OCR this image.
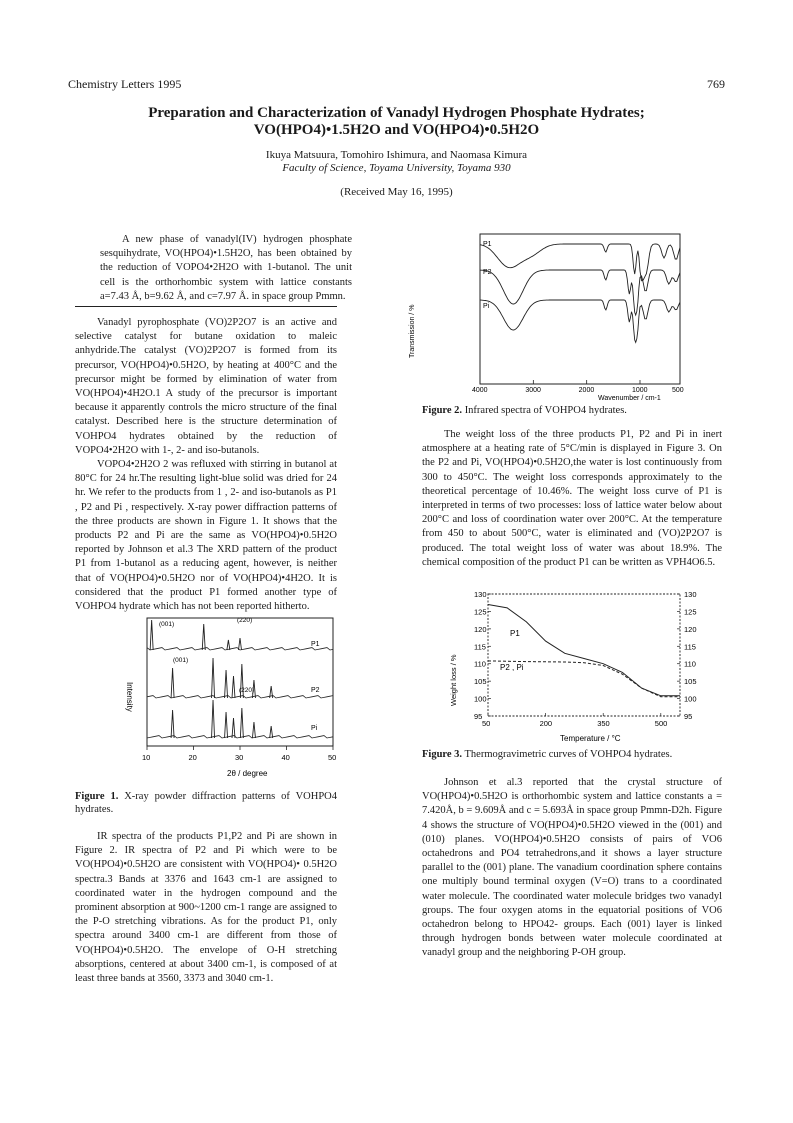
Chemistry Letters 1995	769
Preparation and Characterization of Vanadyl Hydrogen Phosphate Hydrates;
VO(HPO4)•1.5H2O and VO(HPO4)•0.5H2O
Ikuya Matsuura, Tomohiro Ishimura, and Naomasa Kimura
Faculty of Science, Toyama University, Toyama 930
(Received May 16, 1995)

A new phase of vanadyl(IV) hydrogen phosphate sesquihydrate, VO(HPO4)•1.5H2O, has been obtained by the reduction of VOPO4•2H2O with 1-butanol. The unit cell is the orthorhombic system with lattice constants a=7.43 Å, b=9.62 Å, and c=7.97 Å. in space group Pmmn.

Vanadyl pyrophosphate (VO)2P2O7 is an active and selective catalyst for butane oxidation to maleic anhydride.The catalyst (VO)2P2O7 is formed from its precursor, VO(HPO4)•0.5H2O, by heating at 400°C and the precursor might be formed by elimination of water from VO(HPO4)•4H2O.1 A study of the precursor is important because it apparently controls the micro structure of the final catalyst. Described here is the structure determination of VOHPO4 hydrates obtained by the reduction of VOPO4•2H2O with 1-, 2- and iso-butanols.

VOPO4•2H2O 2 was refluxed with stirring in butanol at 80°C for 24 hr.The resulting light-blue solid was dried for 24 hr. We refer to the products from 1 , 2- and iso-butanols as P1 , P2 and Pi , respectively. X-ray power diffraction patterns of the three products are shown in Figure 1. It shows that the products P2 and Pi are the same as VO(HPO4)•0.5H2O reported by Johnson et al.3 The XRD pattern of the product P1 from 1-butanol as a reducing agent, however, is neither that of VO(HPO4)•0.5H2O nor of VO(HPO4)•4H2O. It is considered that the product P1 formed another type of VOHPO4 hydrate which has not been reported hitherto.

10	20	30	40	50
Intensity
2θ / degree
(001)
(220)
(001)
(220)
P1
P2
Pi
Figure 1. X-ray powder diffraction patterns of VOHPO4 hydrates.

IR spectra of the products P1,P2 and Pi are shown in Figure 2. IR spectra of P2 and Pi which were to be VO(HPO4)•0.5H2O are consistent with VO(HPO4)• 0.5H2O spectra.3 Bands at 3376 and 1643 cm-1 are assigned to coordinated water in the hydrogen compound and the prominent absorption at 900~1200 cm-1 range are assigned to the P-O stretching vibrations. As for the product P1, only spectra around 3400 cm-1 are different from those of VO(HPO4)•0.5H2O. The envelope of O-H stretching absorptions, centered at about 3400 cm-1, is composed of at least three bands at 3560, 3373 and 3040 cm-1.

4000	3000	2000	1000	500
Transmission / %
Wavenumber / cm-1
P1
P2
Pi
Figure 2. Infrared spectra of VOHPO4 hydrates.

The weight loss of the three products P1, P2 and Pi in inert atmosphere at a heating rate of 5°C/min is displayed in Figure 3. On the P2 and Pi, VO(HPO4)•0.5H2O,the water is lost continuously from 300 to 450°C. The weight loss corresponds approximately to the theoretical percentage of 10.46%. The weight loss curve of P1 is interpreted in terms of two processes: loss of lattice water below about 200°C and loss of coordination water over 200°C. At the temperature from 450 to about 500°C, water is eliminated and (VO)2P2O7 is produced. The total weight loss of water was about 18.9%. The chemical composition of the product P1 can be written as VPH4O6.5.

95	95
100	100
105	105
110	110
115	115
120	120
125	125
130	130
50	200	350	500
Weight loss / %
Temperature / °C
P1
P2 , Pi
Figure 3. Thermogravimetric curves of VOHPO4 hydrates.

Johnson et al.3 reported that the crystal structure of VO(HPO4)•0.5H2O is orthorhombic system and lattice constants a = 7.420Å, b = 9.609Å and c = 5.693Å in space group Pmmn-D2h. Figure 4 shows the structure of VO(HPO4)•0.5H2O viewed in the (001) and (010) planes. VO(HPO4)•0.5H2O consists of pairs of VO6 octahedrons and PO4 tetrahedrons,and it shows a layer structure parallel to the (001) plane. The vanadium coordination sphere contains one multiply bound terminal oxygen (V=O) trans to a coordinated water molecule. The coordinated water molecule bridges two vanadyl groups. The four oxygen atoms in the equatorial positions of VO6 octahedron belong to HPO42- groups. Each (001) layer is linked through hydrogen bonds between water molecule coordinated at vanadyl group and the neighboring P-OH group.
